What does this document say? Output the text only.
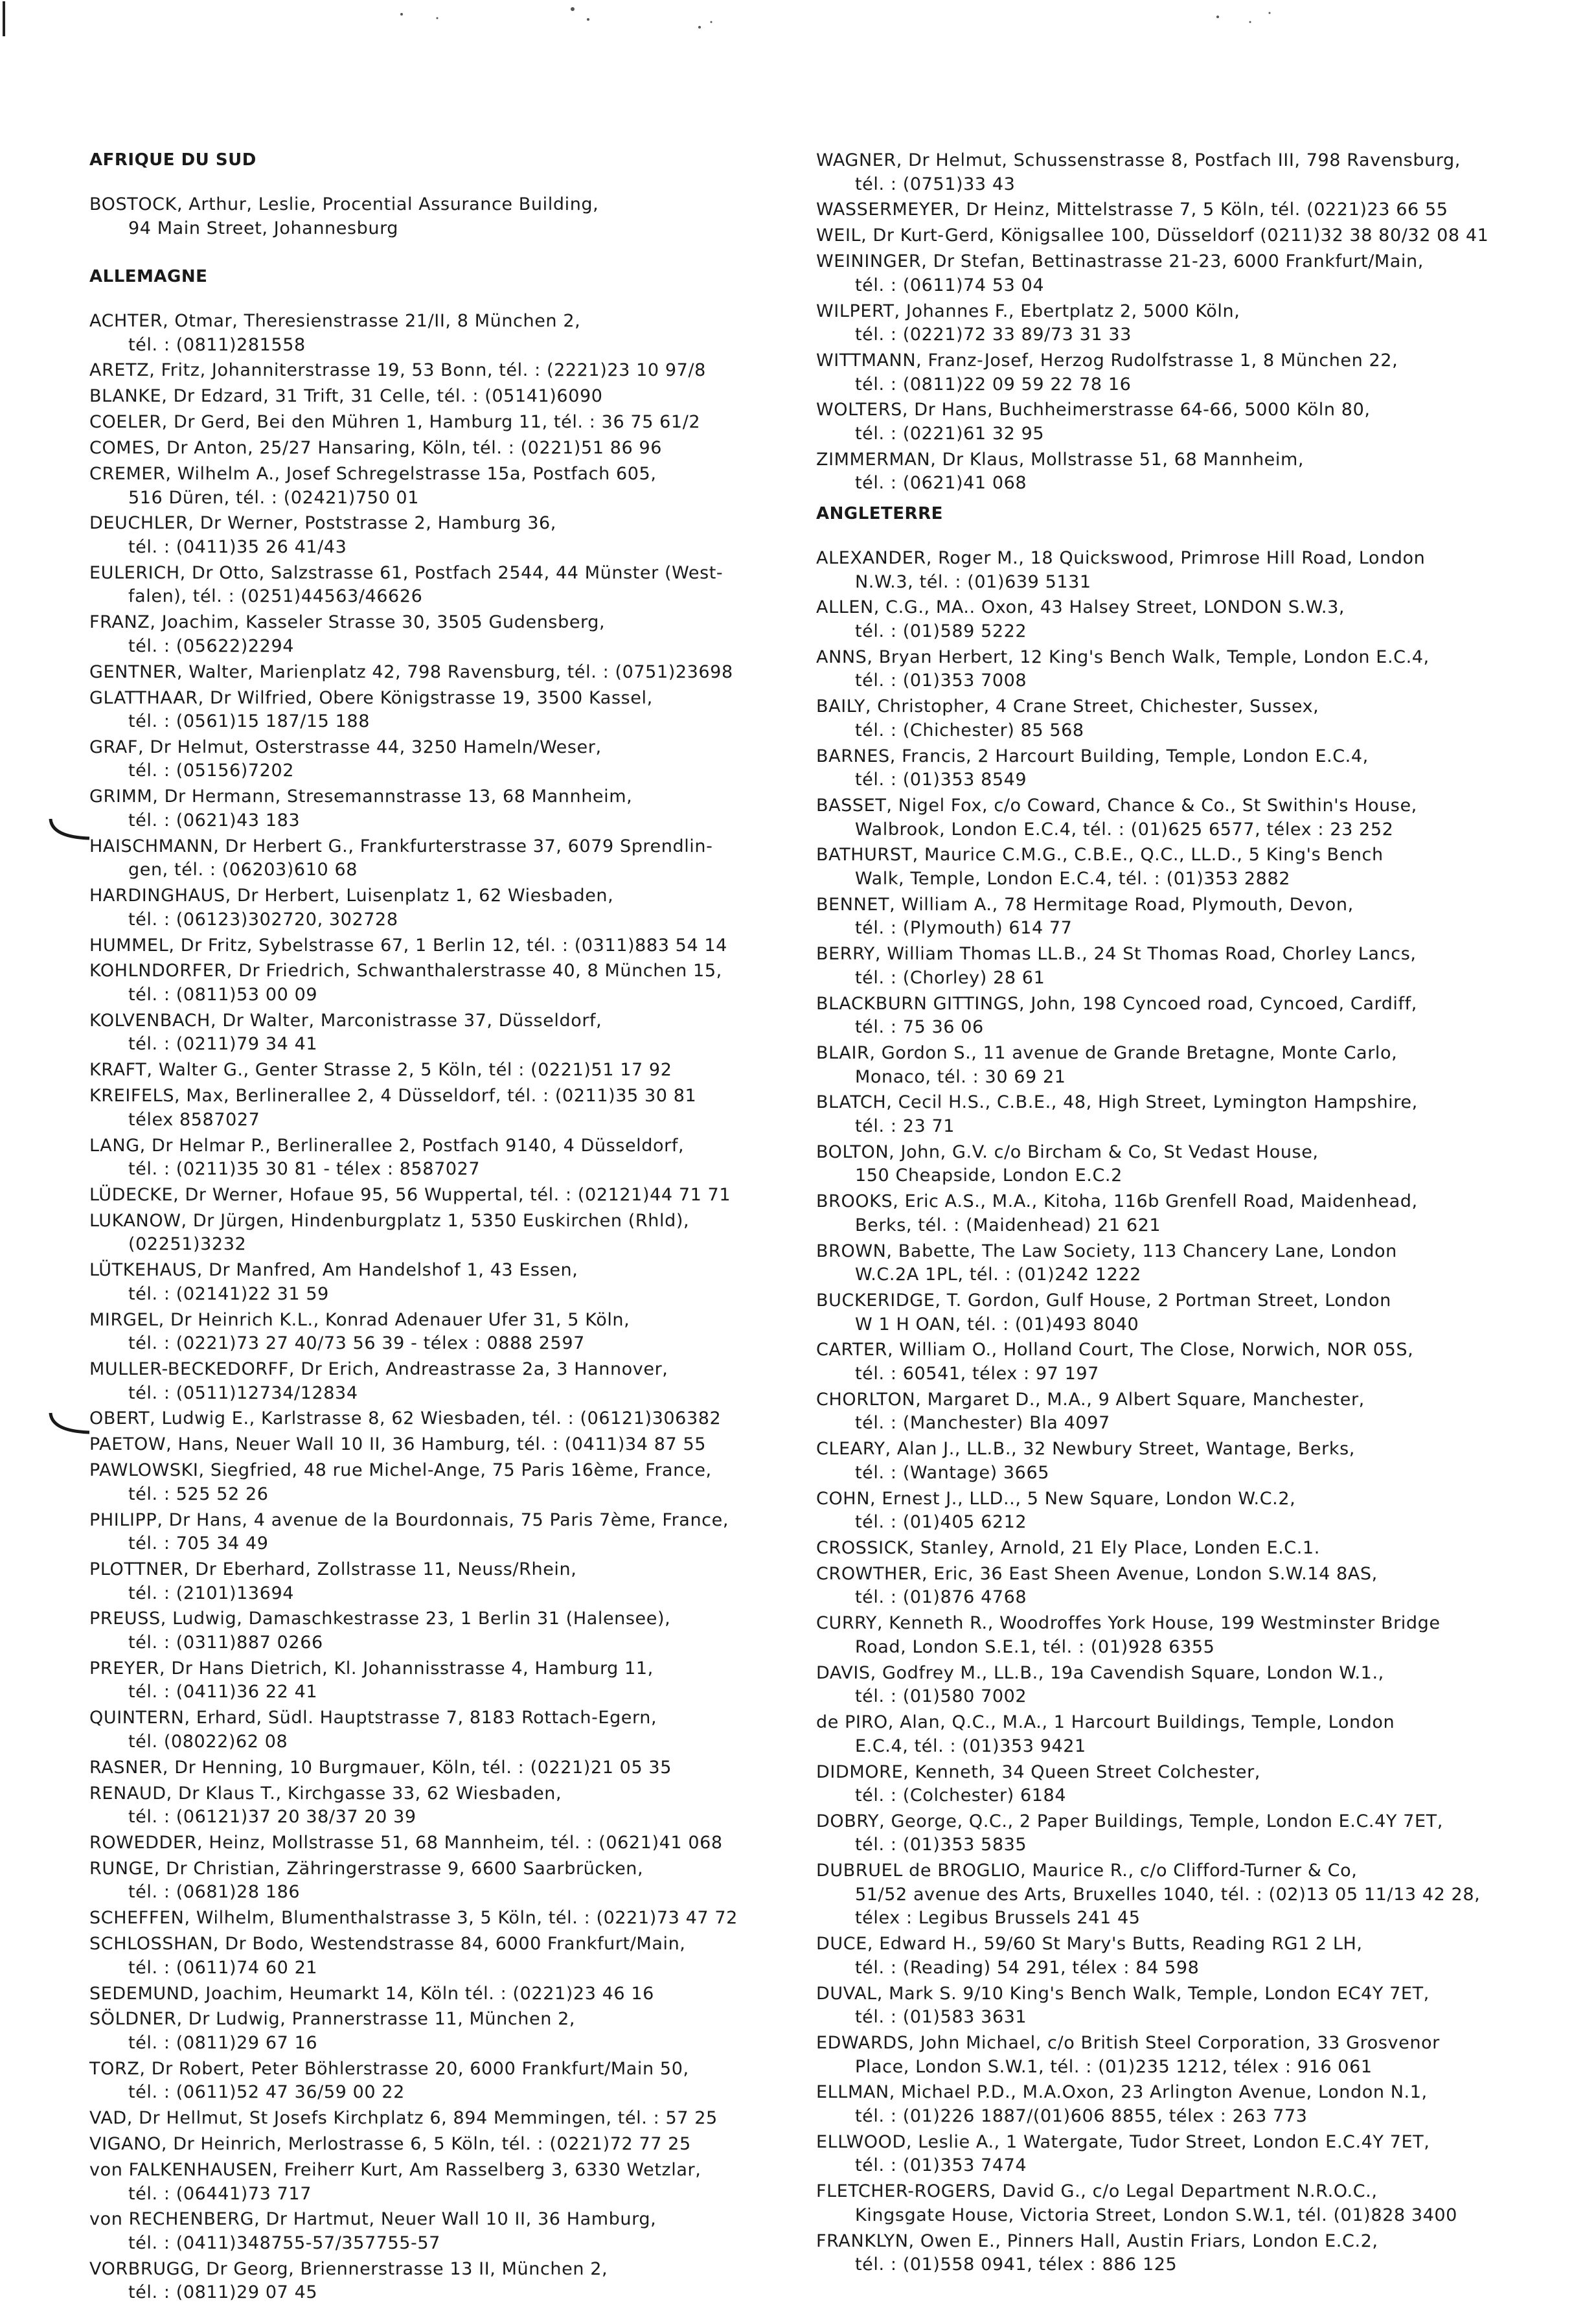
AFRIQUE DU SUD
BOSTOCK, Arthur, Leslie, Procential Assurance Building,
94 Main Street, Johannesburg
ALLEMAGNE
ACHTER, Otmar, Theresienstrasse 21/II, 8 München 2,
tél. : (0811)281558
ARETZ, Fritz, Johanniterstrasse 19, 53 Bonn, tél. : (2221)23 10 97/8
BLANKE, Dr Edzard, 31 Trift, 31 Celle, tél. : (05141)6090
COELER, Dr Gerd, Bei den Mühren 1, Hamburg 11, tél. : 36 75 61/2
COMES, Dr Anton, 25/27 Hansaring, Köln, tél. : (0221)51 86 96
CREMER, Wilhelm A., Josef Schregelstrasse 15a, Postfach 605,
516 Düren, tél. : (02421)750 01
DEUCHLER, Dr Werner, Poststrasse 2, Hamburg 36,
tél. : (0411)35 26 41/43
EULERICH, Dr Otto, Salzstrasse 61, Postfach 2544, 44 Münster (West-
falen), tél. : (0251)44563/46626
FRANZ, Joachim, Kasseler Strasse 30, 3505 Gudensberg,
tél. : (05622)2294
GENTNER, Walter, Marienplatz 42, 798 Ravensburg, tél. : (0751)23698
GLATTHAAR, Dr Wilfried, Obere Königstrasse 19, 3500 Kassel,
tél. : (0561)15 187/15 188
GRAF, Dr Helmut, Osterstrasse 44, 3250 Hameln/Weser,
tél. : (05156)7202
GRIMM, Dr Hermann, Stresemannstrasse 13, 68 Mannheim,
tél. : (0621)43 183
HAISCHMANN, Dr Herbert G., Frankfurterstrasse 37, 6079 Sprendlin-
gen, tél. : (06203)610 68
HARDINGHAUS, Dr Herbert, Luisenplatz 1, 62 Wiesbaden,
tél. : (06123)302720, 302728
HUMMEL, Dr Fritz, Sybelstrasse 67, 1 Berlin 12, tél. : (0311)883 54 14
KOHLNDORFER, Dr Friedrich, Schwanthalerstrasse 40, 8 München 15,
tél. : (0811)53 00 09
KOLVENBACH, Dr Walter, Marconistrasse 37, Düsseldorf,
tél. : (0211)79 34 41
KRAFT, Walter G., Genter Strasse 2, 5 Köln, tél : (0221)51 17 92
KREIFELS, Max, Berlinerallee 2, 4 Düsseldorf, tél. : (0211)35 30 81
télex 8587027
LANG, Dr Helmar P., Berlinerallee 2, Postfach 9140, 4 Düsseldorf,
tél. : (0211)35 30 81 - télex : 8587027
LÜDECKE, Dr Werner, Hofaue 95, 56 Wuppertal, tél. : (02121)44 71 71
LUKANOW, Dr Jürgen, Hindenburgplatz 1, 5350 Euskirchen (Rhld),
(02251)3232
LÜTKEHAUS, Dr Manfred, Am Handelshof 1, 43 Essen,
tél. : (02141)22 31 59
MIRGEL, Dr Heinrich K.L., Konrad Adenauer Ufer 31, 5 Köln,
tél. : (0221)73 27 40/73 56 39 - télex : 0888 2597
MULLER-BECKEDORFF, Dr Erich, Andreastrasse 2a, 3 Hannover,
tél. : (0511)12734/12834
OBERT, Ludwig E., Karlstrasse 8, 62 Wiesbaden, tél. : (06121)306382
PAETOW, Hans, Neuer Wall 10 II, 36 Hamburg, tél. : (0411)34 87 55
PAWLOWSKI, Siegfried, 48 rue Michel-Ange, 75 Paris 16ème, France,
tél. : 525 52 26
PHILIPP, Dr Hans, 4 avenue de la Bourdonnais, 75 Paris 7ème, France,
tél. : 705 34 49
PLOTTNER, Dr Eberhard, Zollstrasse 11, Neuss/Rhein,
tél. : (2101)13694
PREUSS, Ludwig, Damaschkestrasse 23, 1 Berlin 31 (Halensee),
tél. : (0311)887 0266
PREYER, Dr Hans Dietrich, Kl. Johannisstrasse 4, Hamburg 11,
tél. : (0411)36 22 41
QUINTERN, Erhard, Südl. Hauptstrasse 7, 8183 Rottach-Egern,
tél. (08022)62 08
RASNER, Dr Henning, 10 Burgmauer, Köln, tél. : (0221)21 05 35
RENAUD, Dr Klaus T., Kirchgasse 33, 62 Wiesbaden,
tél. : (06121)37 20 38/37 20 39
ROWEDDER, Heinz, Mollstrasse 51, 68 Mannheim, tél. : (0621)41 068
RUNGE, Dr Christian, Zähringerstrasse 9, 6600 Saarbrücken,
tél. : (0681)28 186
SCHEFFEN, Wilhelm, Blumenthalstrasse 3, 5 Köln, tél. : (0221)73 47 72
SCHLOSSHAN, Dr Bodo, Westendstrasse 84, 6000 Frankfurt/Main,
tél. : (0611)74 60 21
SEDEMUND, Joachim, Heumarkt 14, Köln tél. : (0221)23 46 16
SÖLDNER, Dr Ludwig, Prannerstrasse 11, München 2,
tél. : (0811)29 67 16
TORZ, Dr Robert, Peter Böhlerstrasse 20, 6000 Frankfurt/Main 50,
tél. : (0611)52 47 36/59 00 22
VAD, Dr Hellmut, St Josefs Kirchplatz 6, 894 Memmingen, tél. : 57 25
VIGANO, Dr Heinrich, Merlostrasse 6, 5 Köln, tél. : (0221)72 77 25
von FALKENHAUSEN, Freiherr Kurt, Am Rasselberg 3, 6330 Wetzlar,
tél. : (06441)73 717
von RECHENBERG, Dr Hartmut, Neuer Wall 10 II, 36 Hamburg,
tél. : (0411)348755-57/357755-57
VORBRUGG, Dr Georg, Briennerstrasse 13 II, München 2,
tél. : (0811)29 07 45
WAGNER, Dr Helmut, Schussenstrasse 8, Postfach III, 798 Ravensburg,
tél. : (0751)33 43
WASSERMEYER, Dr Heinz, Mittelstrasse 7, 5 Köln, tél. (0221)23 66 55
WEIL, Dr Kurt-Gerd, Königsallee 100, Düsseldorf (0211)32 38 80/32 08 41
WEININGER, Dr Stefan, Bettinastrasse 21-23, 6000 Frankfurt/Main,
tél. : (0611)74 53 04
WILPERT, Johannes F., Ebertplatz 2, 5000 Köln,
tél. : (0221)72 33 89/73 31 33
WITTMANN, Franz-Josef, Herzog Rudolfstrasse 1, 8 München 22,
tél. : (0811)22 09 59 22 78 16
WOLTERS, Dr Hans, Buchheimerstrasse 64-66, 5000 Köln 80,
tél. : (0221)61 32 95
ZIMMERMAN, Dr Klaus, Mollstrasse 51, 68 Mannheim,
tél. : (0621)41 068
ANGLETERRE
ALEXANDER, Roger M., 18 Quickswood, Primrose Hill Road, London
N.W.3, tél. : (01)639 5131
ALLEN, C.G., MA.. Oxon, 43 Halsey Street, LONDON S.W.3,
tél. : (01)589 5222
ANNS, Bryan Herbert, 12 King's Bench Walk, Temple, London E.C.4,
tél. : (01)353 7008
BAILY, Christopher, 4 Crane Street, Chichester, Sussex,
tél. : (Chichester) 85 568
BARNES, Francis, 2 Harcourt Building, Temple, London E.C.4,
tél. : (01)353 8549
BASSET, Nigel Fox, c/o Coward, Chance & Co., St Swithin's House,
Walbrook, London E.C.4, tél. : (01)625 6577, télex : 23 252
BATHURST, Maurice C.M.G., C.B.E., Q.C., LL.D., 5 King's Bench
Walk, Temple, London E.C.4, tél. : (01)353 2882
BENNET, William A., 78 Hermitage Road, Plymouth, Devon,
tél. : (Plymouth) 614 77
BERRY, William Thomas LL.B., 24 St Thomas Road, Chorley Lancs,
tél. : (Chorley) 28 61
BLACKBURN GITTINGS, John, 198 Cyncoed road, Cyncoed, Cardiff,
tél. : 75 36 06
BLAIR, Gordon S., 11 avenue de Grande Bretagne, Monte Carlo,
Monaco, tél. : 30 69 21
BLATCH, Cecil H.S., C.B.E., 48, High Street, Lymington Hampshire,
tél. : 23 71
BOLTON, John, G.V. c/o Bircham & Co, St Vedast House,
150 Cheapside, London E.C.2
BROOKS, Eric A.S., M.A., Kitoha, 116b Grenfell Road, Maidenhead,
Berks, tél. : (Maidenhead) 21 621
BROWN, Babette, The Law Society, 113 Chancery Lane, London
W.C.2A 1PL, tél. : (01)242 1222
BUCKERIDGE, T. Gordon, Gulf House, 2 Portman Street, London
W 1 H OAN, tél. : (01)493 8040
CARTER, William O., Holland Court, The Close, Norwich, NOR 05S,
tél. : 60541, télex : 97 197
CHORLTON, Margaret D., M.A., 9 Albert Square, Manchester,
tél. : (Manchester) Bla 4097
CLEARY, Alan J., LL.B., 32 Newbury Street, Wantage, Berks,
tél. : (Wantage) 3665
COHN, Ernest J., LLD.., 5 New Square, London W.C.2,
tél. : (01)405 6212
CROSSICK, Stanley, Arnold, 21 Ely Place, Londen E.C.1.
CROWTHER, Eric, 36 East Sheen Avenue, London S.W.14 8AS,
tél. : (01)876 4768
CURRY, Kenneth R., Woodroffes York House, 199 Westminster Bridge
Road, London S.E.1, tél. : (01)928 6355
DAVIS, Godfrey M., LL.B., 19a Cavendish Square, London W.1.,
tél. : (01)580 7002
de PIRO, Alan, Q.C., M.A., 1 Harcourt Buildings, Temple, London
E.C.4, tél. : (01)353 9421
DIDMORE, Kenneth, 34 Queen Street Colchester,
tél. : (Colchester) 6184
DOBRY, George, Q.C., 2 Paper Buildings, Temple, London E.C.4Y 7ET,
tél. : (01)353 5835
DUBRUEL de BROGLIO, Maurice R., c/o Clifford-Turner & Co,
51/52 avenue des Arts, Bruxelles 1040, tél. : (02)13 05 11/13 42 28,
télex : Legibus Brussels 241 45
DUCE, Edward H., 59/60 St Mary's Butts, Reading RG1 2 LH,
tél. : (Reading) 54 291, télex : 84 598
DUVAL, Mark S. 9/10 King's Bench Walk, Temple, London EC4Y 7ET,
tél. : (01)583 3631
EDWARDS, John Michael, c/o British Steel Corporation, 33 Grosvenor
Place, London S.W.1, tél. : (01)235 1212, télex : 916 061
ELLMAN, Michael P.D., M.A.Oxon, 23 Arlington Avenue, London N.1,
tél. : (01)226 1887/(01)606 8855, télex : 263 773
ELLWOOD, Leslie A., 1 Watergate, Tudor Street, London E.C.4Y 7ET,
tél. : (01)353 7474
FLETCHER-ROGERS, David G., c/o Legal Department N.R.O.C.,
Kingsgate House, Victoria Street, London S.W.1, tél. (01)828 3400
FRANKLYN, Owen E., Pinners Hall, Austin Friars, London E.C.2,
tél. : (01)558 0941, télex : 886 125
